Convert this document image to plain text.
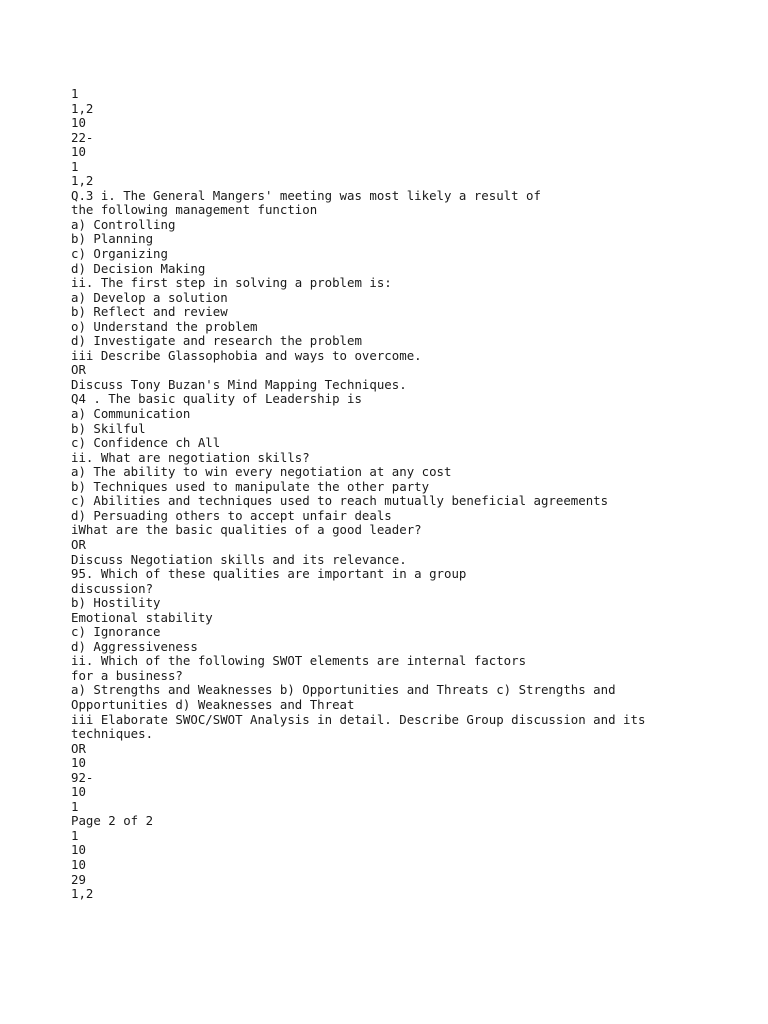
1
1,2
10
22-
10
1
1,2
Q.3 i. The General Mangers' meeting was most likely a result of
the following management function
a) Controlling
b) Planning
c) Organizing
d) Decision Making
ii. The first step in solving a problem is:
a) Develop a solution
b) Reflect and review
o) Understand the problem
d) Investigate and research the problem
iii Describe Glassophobia and ways to overcome.
OR
Discuss Tony Buzan's Mind Mapping Techniques.
Q4 . The basic quality of Leadership is
a) Communication
b) Skilful
c) Confidence ch All
ii. What are negotiation skills?
a) The ability to win every negotiation at any cost
b) Techniques used to manipulate the other party
c) Abilities and techniques used to reach mutually beneficial agreements
d) Persuading others to accept unfair deals
iWhat are the basic qualities of a good leader?
OR
Discuss Negotiation skills and its relevance.
95. Which of these qualities are important in a group
discussion?
b) Hostility
Emotional stability
c) Ignorance
d) Aggressiveness
ii. Which of the following SWOT elements are internal factors
for a business?
a) Strengths and Weaknesses b) Opportunities and Threats c) Strengths and
Opportunities d) Weaknesses and Threat
iii Elaborate SWOC/SWOT Analysis in detail. Describe Group discussion and its
techniques.
OR
10
92-
10
1
Page 2 of 2
1
10
10
29
1,2
